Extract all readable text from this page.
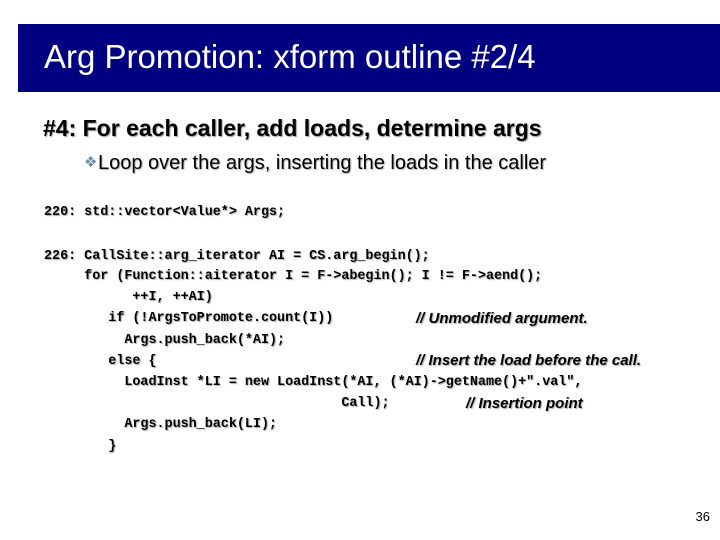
Arg Promotion: xform outline #2/4
#4: For each caller, add loads, determine args
❖Loop over the args, inserting the loads in the caller
220: std::vector<Value*> Args;
226: CallSite::arg_iterator AI = CS.arg_begin();
for (Function::aiterator I = F->abegin(); I != F->aend();
++I, ++AI)
if (!ArgsToPromote.count(I))
Args.push_back(*AI);
else {
LoadInst *LI = new LoadInst(*AI, (*AI)->getName()+".val",
Call);
Args.push_back(LI);
}
// Unmodified argument.
// Insert the load before the call.
// Insertion point
36
